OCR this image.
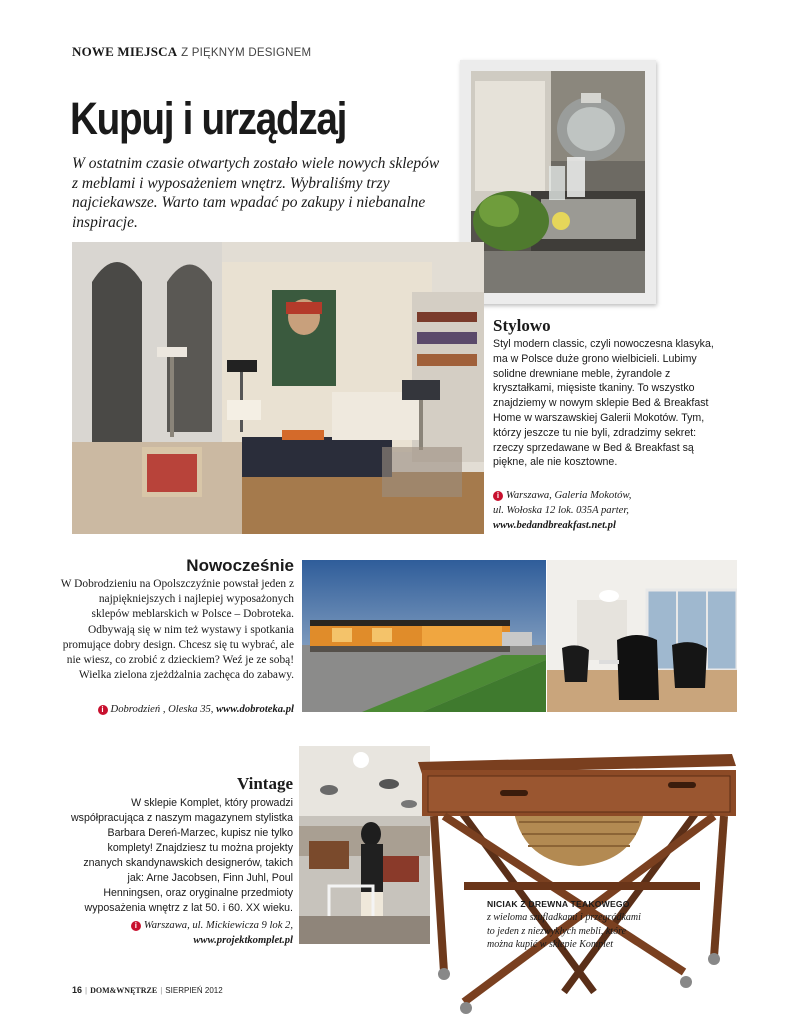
NOWE MIEJSCA Z PIĘKNYM DESIGNEM
Kupuj i urządzaj
W ostatnim czasie otwartych zostało wiele nowych sklepów z meblami i wyposażeniem wnętrz. Wybraliśmy trzy najciekawsze. Warto tam wpadać po zakupy i niebanalne inspiracje.
Stylowo
Styl modern classic, czyli nowoczesna klasyka, ma w Polsce duże grono wielbicieli. Lubimy solidne drewniane meble, żyrandole z kryształkami, mięsiste tkaniny. To wszystko znajdziemy w nowym sklepie Bed & Breakfast Home w warszawskiej Galerii Mokotów. Tym, którzy jeszcze tu nie byli, zdradzimy sekret: rzeczy sprzedawane w Bed & Breakfast są piękne, ale nie kosztowne.
i Warszawa, Galeria Mokotów,
ul. Wołoska 12 lok. 035A parter,
www.bedandbreakfast.net.pl
Nowocześnie
W Dobrodzieniu na Opolszczyźnie powstał jeden z najpiękniejszych i najlepiej wyposażonych sklepów meblarskich w Polsce – Dobroteka. Odbywają się w nim też wystawy i spotkania promujące dobry design. Chcesz się tu wybrać, ale nie wiesz, co zrobić z dzieckiem? Weź je ze sobą! Wielka zielona zjeżdżalnia zachęca do zabawy.
i Dobrodzień , Oleska 35, www.dobroteka.pl
Vintage
W sklepie Komplet, który prowadzi współpracująca z naszym magazynem stylistka Barbara Dereń-Marzec, kupisz nie tylko komplety! Znajdziesz tu można projekty znanych skandynawskich designerów, takich jak: Arne Jacobsen, Finn Juhl, Poul Henningsen, oraz oryginalne przedmioty wyposażenia wnętrz z lat 50. i 60. XX wieku.
i Warszawa, ul. Mickiewicza 9 lok 2,
www.projektkomplet.pl
NICIAK Z DREWNA TEAKOWEGO
z wieloma szufladkami i przegródkami to jeden z niezwykłych mebli, które można kupić w sklepie Komplet
16 | DOM&WNĘTRZE | SIERPIEŃ 2012
